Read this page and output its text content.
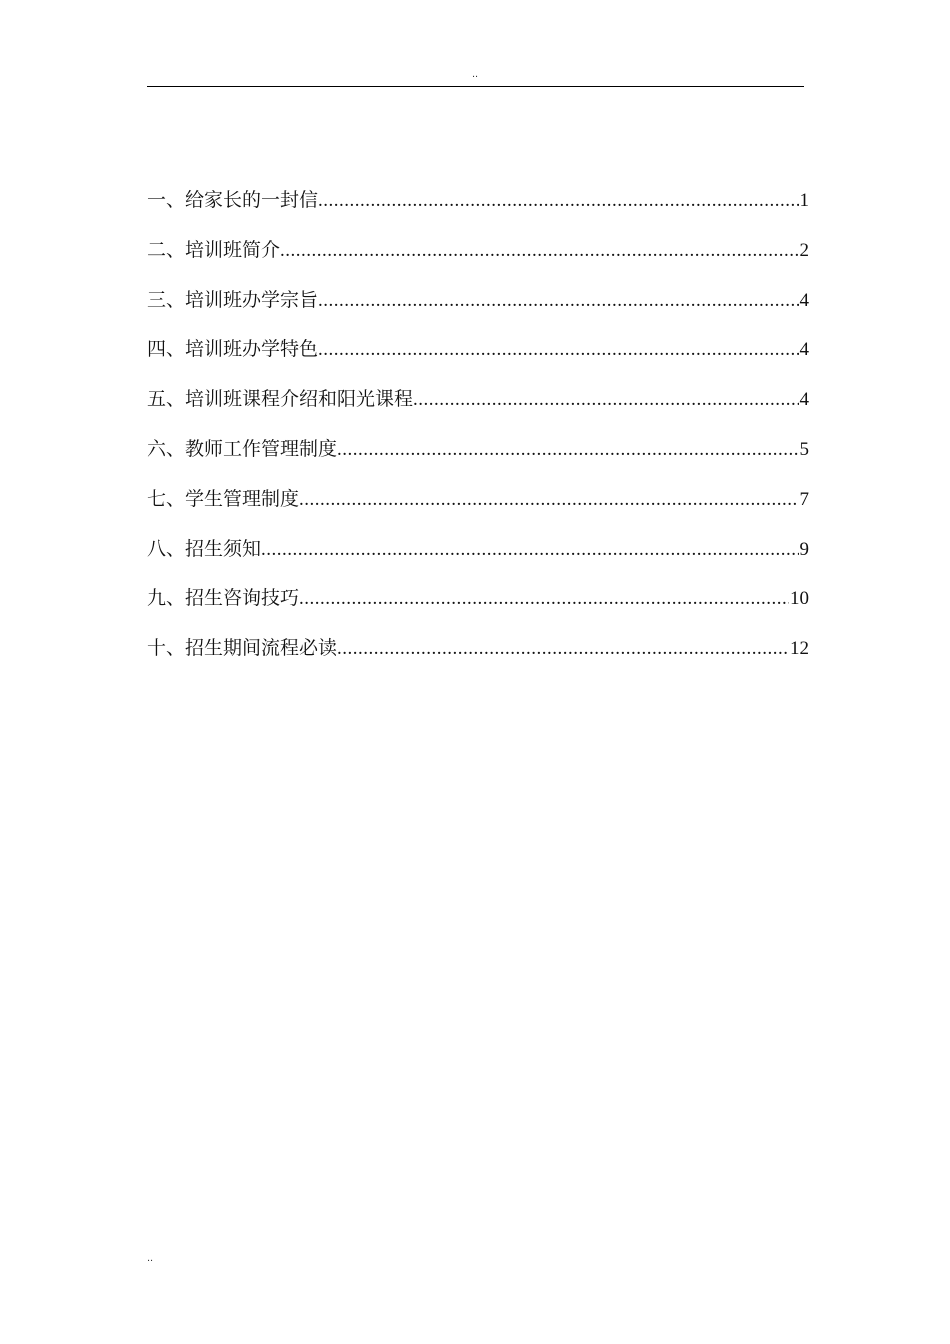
..
一、 给家长的一封信 .....	1
二、 培训班简介 .....	2
三、 培训班办学宗旨 .....	4
四、 培训班办学特色 .....	4
五、 培训班课程介绍和阳光课程 .....	4
六、 教师工作管理制度 .....	5
七、 学生管理制度 .....	7
八、 招生须知 .....	9
九、 招生咨询技巧 .....	10
十、 招生期间流程必读 .....	12
..
